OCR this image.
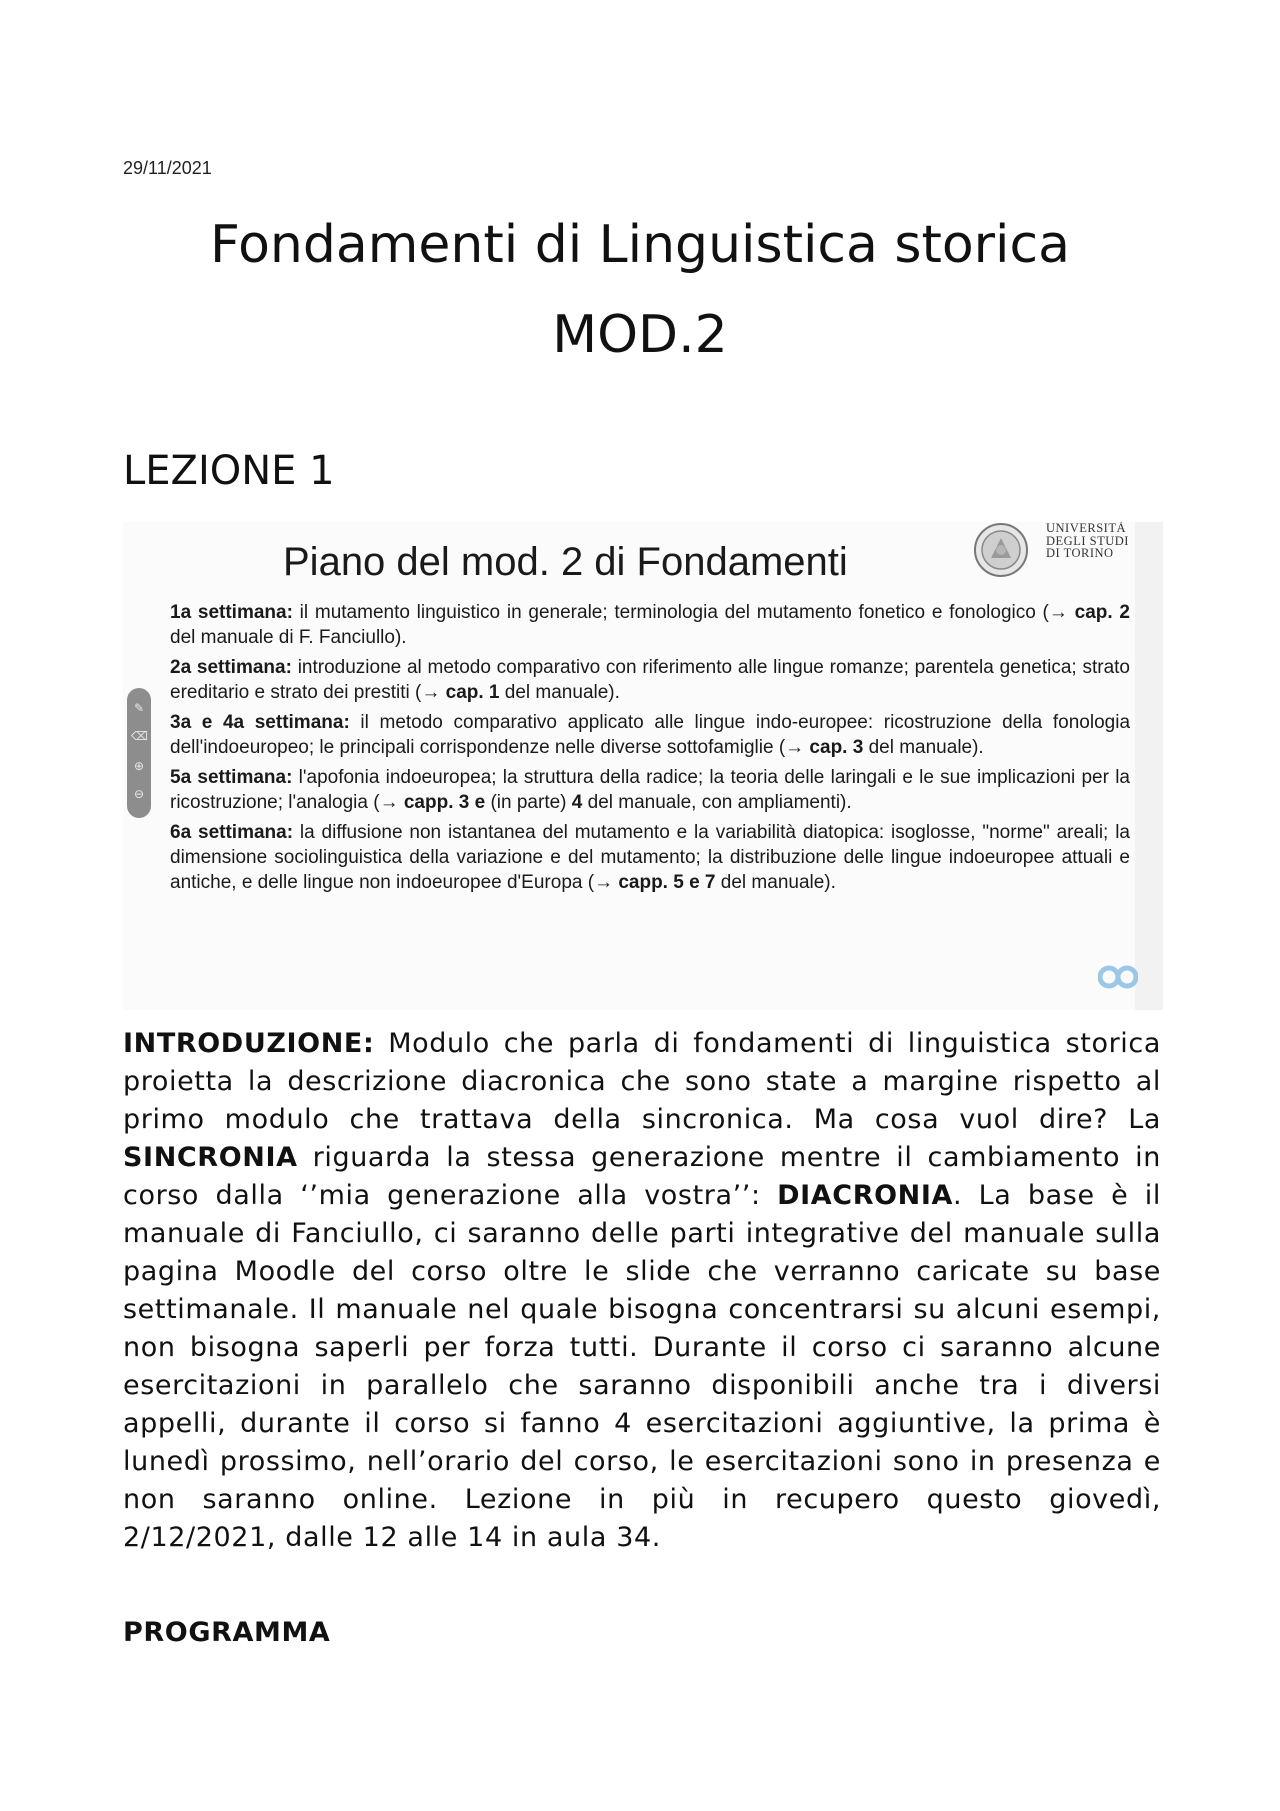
29/11/2021
Fondamenti di Linguistica storica
MOD.2
LEZIONE 1
Piano del mod. 2 di Fondamenti
UNIVERSITÀ
DEGLI STUDI
DI TORINO
✎
⌫
⊕
⊖
1a settimana: il mutamento linguistico in generale; terminologia del mutamento fonetico e fonologico (→ cap. 2 del manuale di F. Fanciullo).
2a settimana: introduzione al metodo comparativo con riferimento alle lingue romanze; parentela genetica; strato ereditario e strato dei prestiti (→ cap. 1 del manuale).
3a e 4a settimana: il metodo comparativo applicato alle lingue indo-europee: ricostruzione della fonologia dell'indoeuropeo; le principali corrispondenze nelle diverse sottofamiglie (→ cap. 3 del manuale).
5a settimana: l'apofonia indoeuropea; la struttura della radice; la teoria delle laringali e le sue implicazioni per la ricostruzione; l'analogia (→ capp. 3 e (in parte) 4 del manuale, con ampliamenti).
6a settimana: la diffusione non istantanea del mutamento e la variabilità diatopica: isoglosse, "norme" areali; la dimensione sociolinguistica della variazione e del mutamento; la distribuzione delle lingue indoeuropee attuali e antiche, e delle lingue non indoeuropee d'Europa (→ capp. 5 e 7 del manuale).

INTRODUZIONE: Modulo che parla di fondamenti di linguistica storica proietta la descrizione diacronica che sono state a margine rispetto al primo modulo che trattava della sincronica. Ma cosa vuol dire? La SINCRONIA riguarda la stessa generazione mentre il cambiamento in corso dalla ‘’mia generazione alla vostra’’: DIACRONIA. La base è il manuale di Fanciullo, ci saranno delle parti integrative del manuale sulla pagina Moodle del corso oltre le slide che verranno caricate su base settimanale. Il manuale nel quale bisogna concentrarsi su alcuni esempi, non bisogna saperli per forza tutti. Durante il corso ci saranno alcune esercitazioni in parallelo che saranno disponibili anche tra i diversi appelli, durante il corso si fanno 4 esercitazioni aggiuntive, la prima è lunedì prossimo, nell’orario del corso, le esercitazioni sono in presenza e non saranno online. Lezione in più in recupero questo giovedì, 2/12/2021, dalle 12 alle 14 in aula 34.

PROGRAMMA
